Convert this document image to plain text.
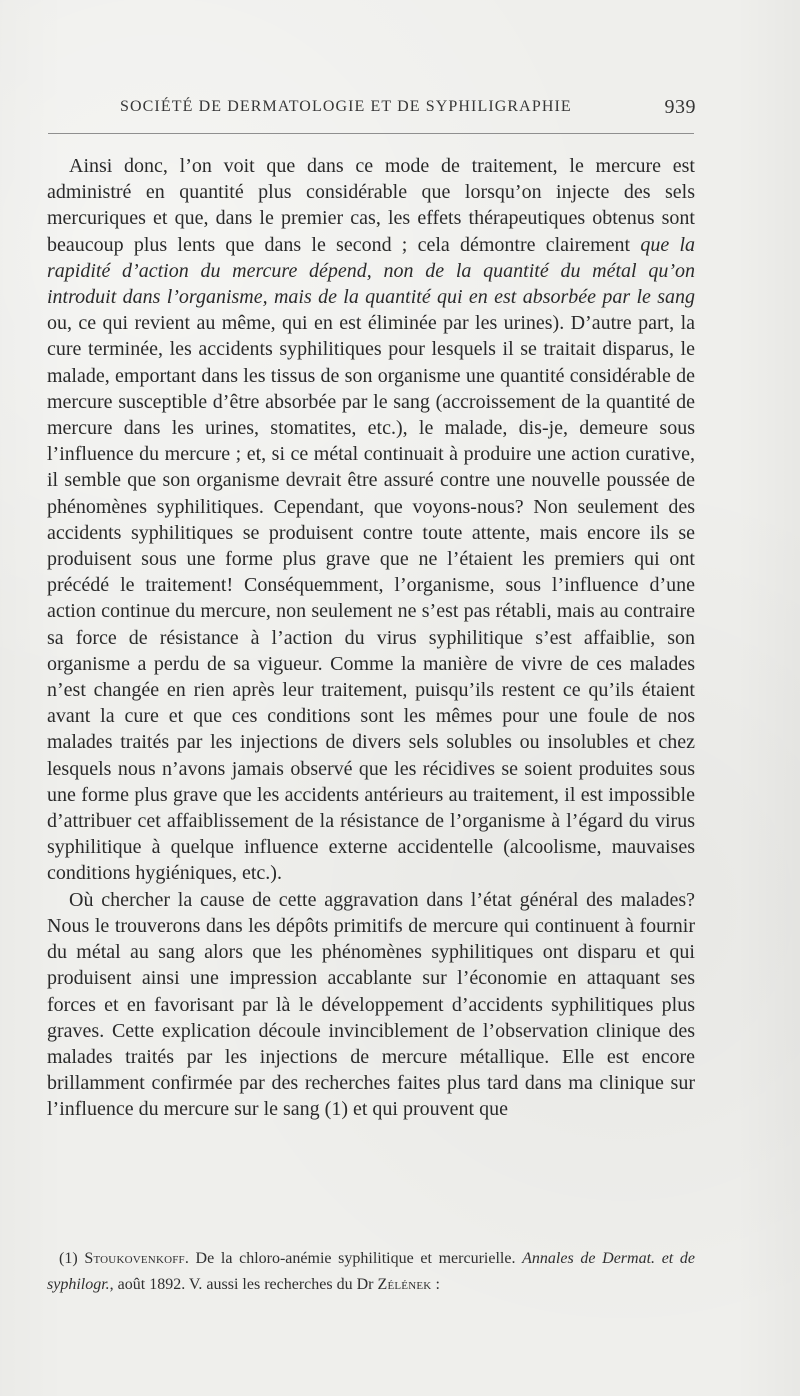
SOCIÉTÉ DE DERMATOLOGIE ET DE SYPHILIGRAPHIE	939

Ainsi donc, l’on voit que dans ce mode de traitement, le mercure est administré en quantité plus considérable que lorsqu’on injecte des sels mercuriques et que, dans le premier cas, les effets thérapeutiques obtenus sont beaucoup plus lents que dans le second ; cela démontre clairement que la rapidité d’action du mercure dépend, non de la quantité du métal qu’on introduit dans l’organisme, mais de la quantité qui en est absorbée par le sang ou, ce qui revient au même, qui en est éliminée par les urines). D’autre part, la cure terminée, les accidents syphilitiques pour lesquels il se traitait disparus, le malade, emportant dans les tissus de son organisme une quantité considérable de mercure susceptible d’être absorbée par le sang (accroissement de la quantité de mercure dans les urines, stomatites, etc.), le malade, dis-je, demeure sous l’influence du mercure ; et, si ce métal continuait à produire une action curative, il semble que son organisme devrait être assuré contre une nouvelle poussée de phénomènes syphilitiques. Cependant, que voyons-nous? Non seulement des accidents syphilitiques se produisent contre toute attente, mais encore ils se produisent sous une forme plus grave que ne l’étaient les premiers qui ont précédé le traitement! Conséquemment, l’organisme, sous l’influence d’une action continue du mercure, non seulement ne s’est pas rétabli, mais au contraire sa force de résistance à l’action du virus syphilitique s’est affaiblie, son organisme a perdu de sa vigueur. Comme la manière de vivre de ces malades n’est changée en rien après leur traitement, puisqu’ils restent ce qu’ils étaient avant la cure et que ces conditions sont les mêmes pour une foule de nos malades traités par les injections de divers sels solubles ou insolubles et chez lesquels nous n’avons jamais observé que les récidives se soient produites sous une forme plus grave que les accidents antérieurs au traitement, il est impossible d’attribuer cet affaiblissement de la résistance de l’organisme à l’égard du virus syphilitique à quelque influence externe accidentelle (alcoolisme, mauvaises conditions hygiéniques, etc.).

Où chercher la cause de cette aggravation dans l’état général des malades? Nous le trouverons dans les dépôts primitifs de mercure qui continuent à fournir du métal au sang alors que les phénomènes syphilitiques ont disparu et qui produisent ainsi une impression accablante sur l’économie en attaquant ses forces et en favorisant par là le développement d’accidents syphilitiques plus graves. Cette explication découle invinciblement de l’observation clinique des malades traités par les injections de mercure métallique. Elle est encore brillamment confirmée par des recherches faites plus tard dans ma clinique sur l’influence du mercure sur le sang (1) et qui prouvent que

(1) Stoukovenkoff. De la chloro-anémie syphilitique et mercurielle. Annales de Dermat. et de syphilogr., août 1892. V. aussi les recherches du Dr Zélének :
